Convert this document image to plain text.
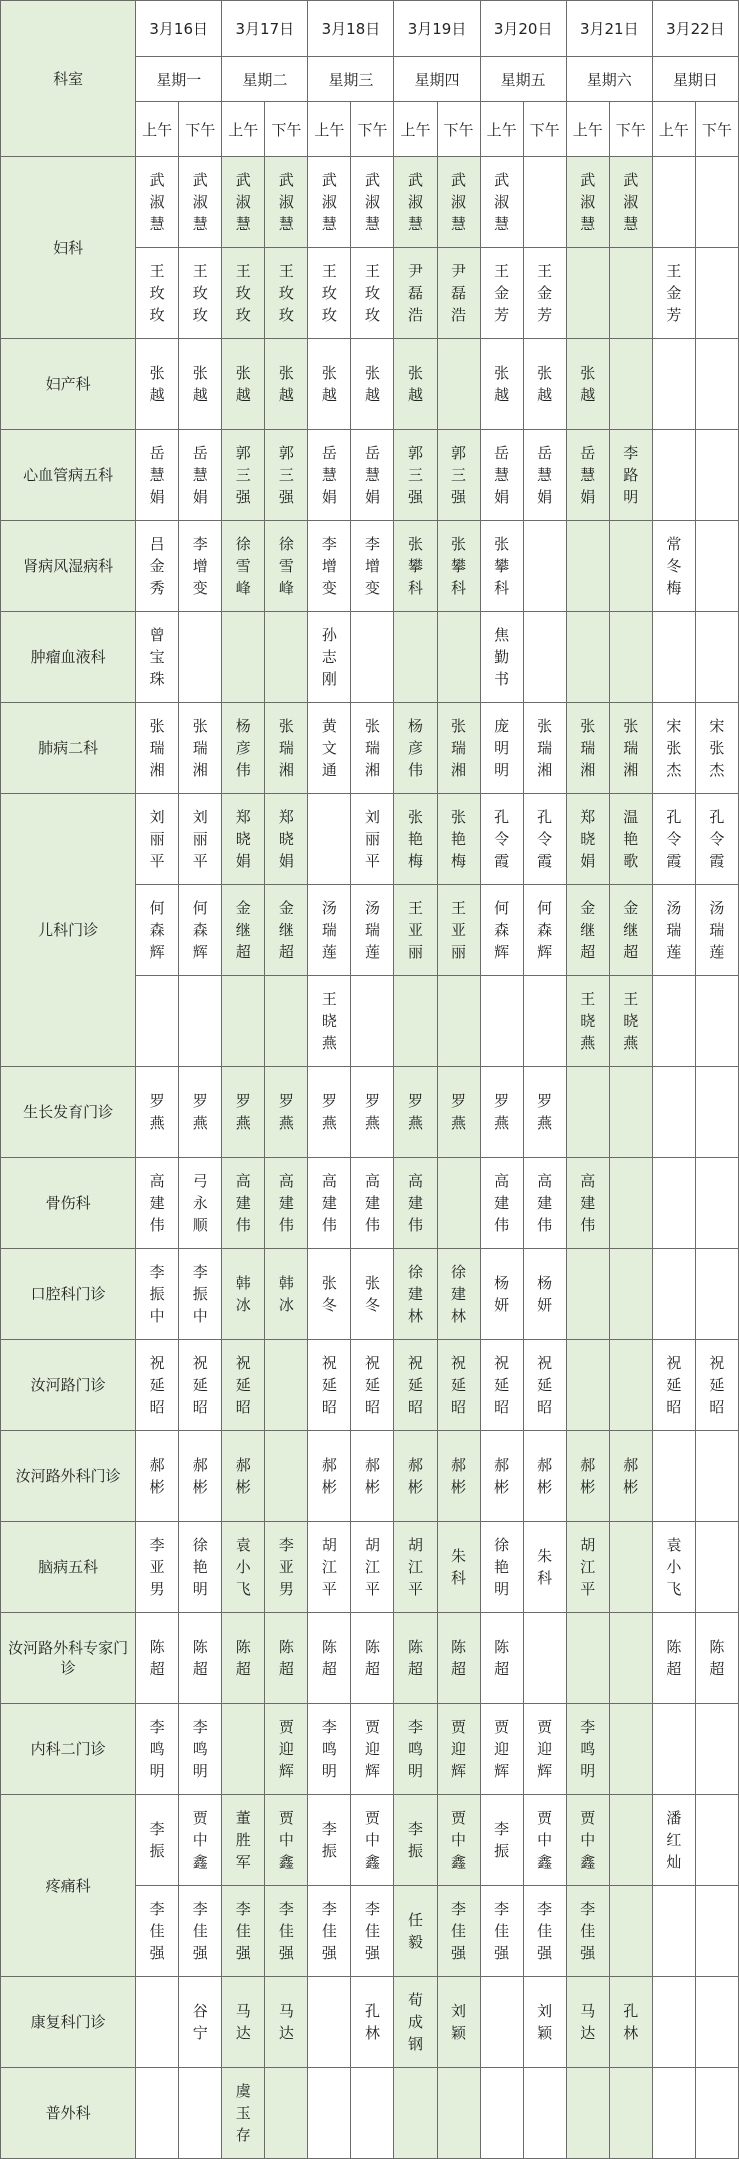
科室	3月16日		3月17日		3月18日		3月19日		3月20日		3月21日		3月22日	
	星期一		星期二		星期三		星期四		星期五		星期六		星期日	
	上午	下午	上午	下午	上午	下午	上午	下午	上午	下午	上午	下午	上午	下午
妇科	武淑慧	武淑慧	武淑慧	武淑慧	武淑慧	武淑慧	武淑慧	武淑慧	武淑慧		武淑慧	武淑慧		
	王玫玫	王玫玫	王玫玫	王玫玫	王玫玫	王玫玫	尹磊浩	尹磊浩	王金芳	王金芳			王金芳	
妇产科	张越	张越	张越	张越	张越	张越	张越		张越	张越	张越			
心血管病五科	岳慧娟	岳慧娟	郭三强	郭三强	岳慧娟	岳慧娟	郭三强	郭三强	岳慧娟	岳慧娟	岳慧娟	李路明		
肾病风湿病科	吕金秀	李增变	徐雪峰	徐雪峰	李增变	李增变	张攀科	张攀科	张攀科				常冬梅	
肿瘤血液科	曾宝珠				孙志刚				焦勤书					
肺病二科	张瑞湘	张瑞湘	杨彦伟	张瑞湘	黄文通	张瑞湘	杨彦伟	张瑞湘	庞明明	张瑞湘	张瑞湘	张瑞湘	宋张杰	宋张杰
儿科门诊	刘丽平	刘丽平	郑晓娟	郑晓娟		刘丽平	张艳梅	张艳梅	孔令霞	孔令霞	郑晓娟	温艳歌	孔令霞	孔令霞
	何森辉	何森辉	金继超	金继超	汤瑞莲	汤瑞莲	王亚丽	王亚丽	何森辉	何森辉	金继超	金继超	汤瑞莲	汤瑞莲
					王晓燕						王晓燕	王晓燕		
生长发育门诊	罗燕	罗燕	罗燕	罗燕	罗燕	罗燕	罗燕	罗燕	罗燕	罗燕				
骨伤科	高建伟	弓永顺	高建伟	高建伟	高建伟	高建伟	高建伟		高建伟	高建伟	高建伟			
口腔科门诊	李振中	李振中	韩冰	韩冰	张冬	张冬	徐建林	徐建林	杨妍	杨妍				
汝河路门诊	祝延昭	祝延昭	祝延昭		祝延昭	祝延昭	祝延昭	祝延昭	祝延昭	祝延昭			祝延昭	祝延昭
汝河路外科门诊	郝彬	郝彬	郝彬		郝彬	郝彬	郝彬	郝彬	郝彬	郝彬	郝彬	郝彬		
脑病五科	李亚男	徐艳明	袁小飞	李亚男	胡江平	胡江平	胡江平	朱科	徐艳明	朱科	胡江平		袁小飞	
汝河路外科专家门诊	陈超	陈超	陈超	陈超	陈超	陈超	陈超	陈超	陈超				陈超	陈超
内科二门诊	李鸣明	李鸣明		贾迎辉	李鸣明	贾迎辉	李鸣明	贾迎辉	贾迎辉	贾迎辉	李鸣明			
疼痛科	李振	贾中鑫	董胜军	贾中鑫	李振	贾中鑫	李振	贾中鑫	李振	贾中鑫	贾中鑫		潘红灿	
	李佳强	李佳强	李佳强	李佳强	李佳强	李佳强	任毅	李佳强	李佳强	李佳强	李佳强			
康复科门诊		谷宁	马达	马达		孔林	荀成钢	刘颖		刘颖	马达	孔林		
普外科			虞玉存											
